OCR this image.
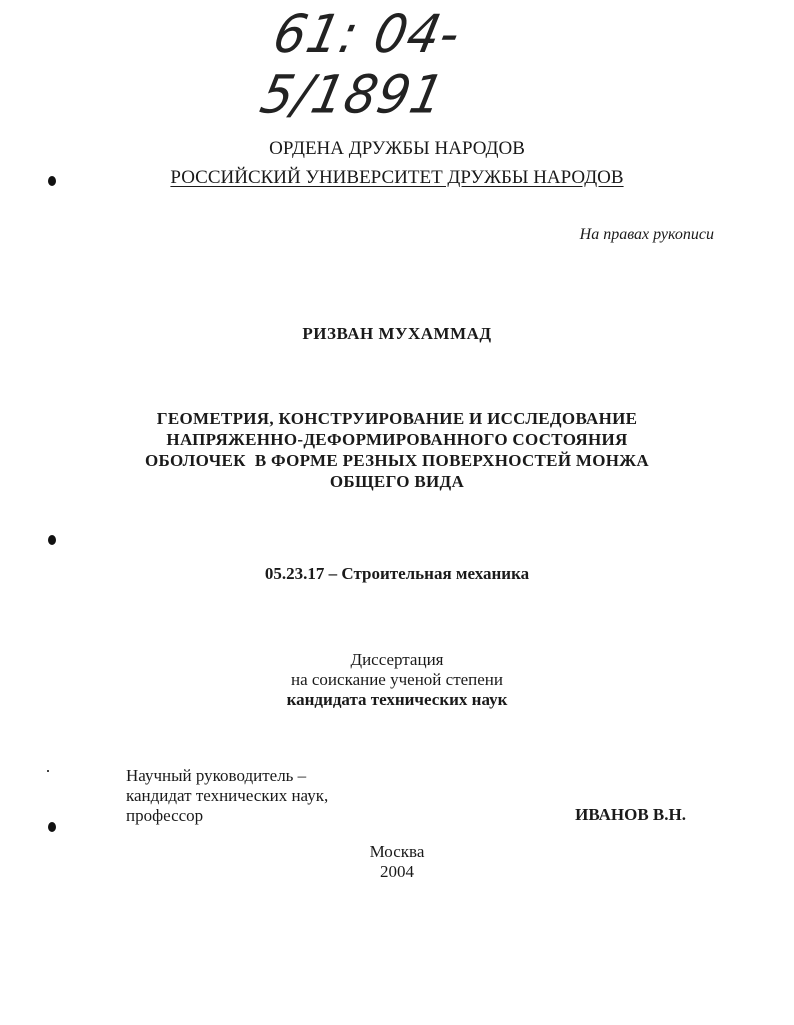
61: 04-5/1891
ОРДЕНА ДРУЖБЫ НАРОДОВ
РОССИЙСКИЙ УНИВЕРСИТЕТ ДРУЖБЫ НАРОДОВ
На правах рукописи
РИЗВАН МУХАММАД
ГЕОМЕТРИЯ, КОНСТРУИРОВАНИЕ И ИССЛЕДОВАНИЕ
НАПРЯЖЕННО-ДЕФОРМИРОВАННОГО СОСТОЯНИЯ
ОБОЛОЧЕК  В ФОРМЕ РЕЗНЫХ ПОВЕРХНОСТЕЙ МОНЖА
ОБЩЕГО ВИДА
05.23.17 – Строительная механика
Диссертация
на соискание ученой степени
кандидата технических наук
Научный руководитель –
кандидат технических наук,
профессор	ИВАНОВ В.Н.
Москва
2004
